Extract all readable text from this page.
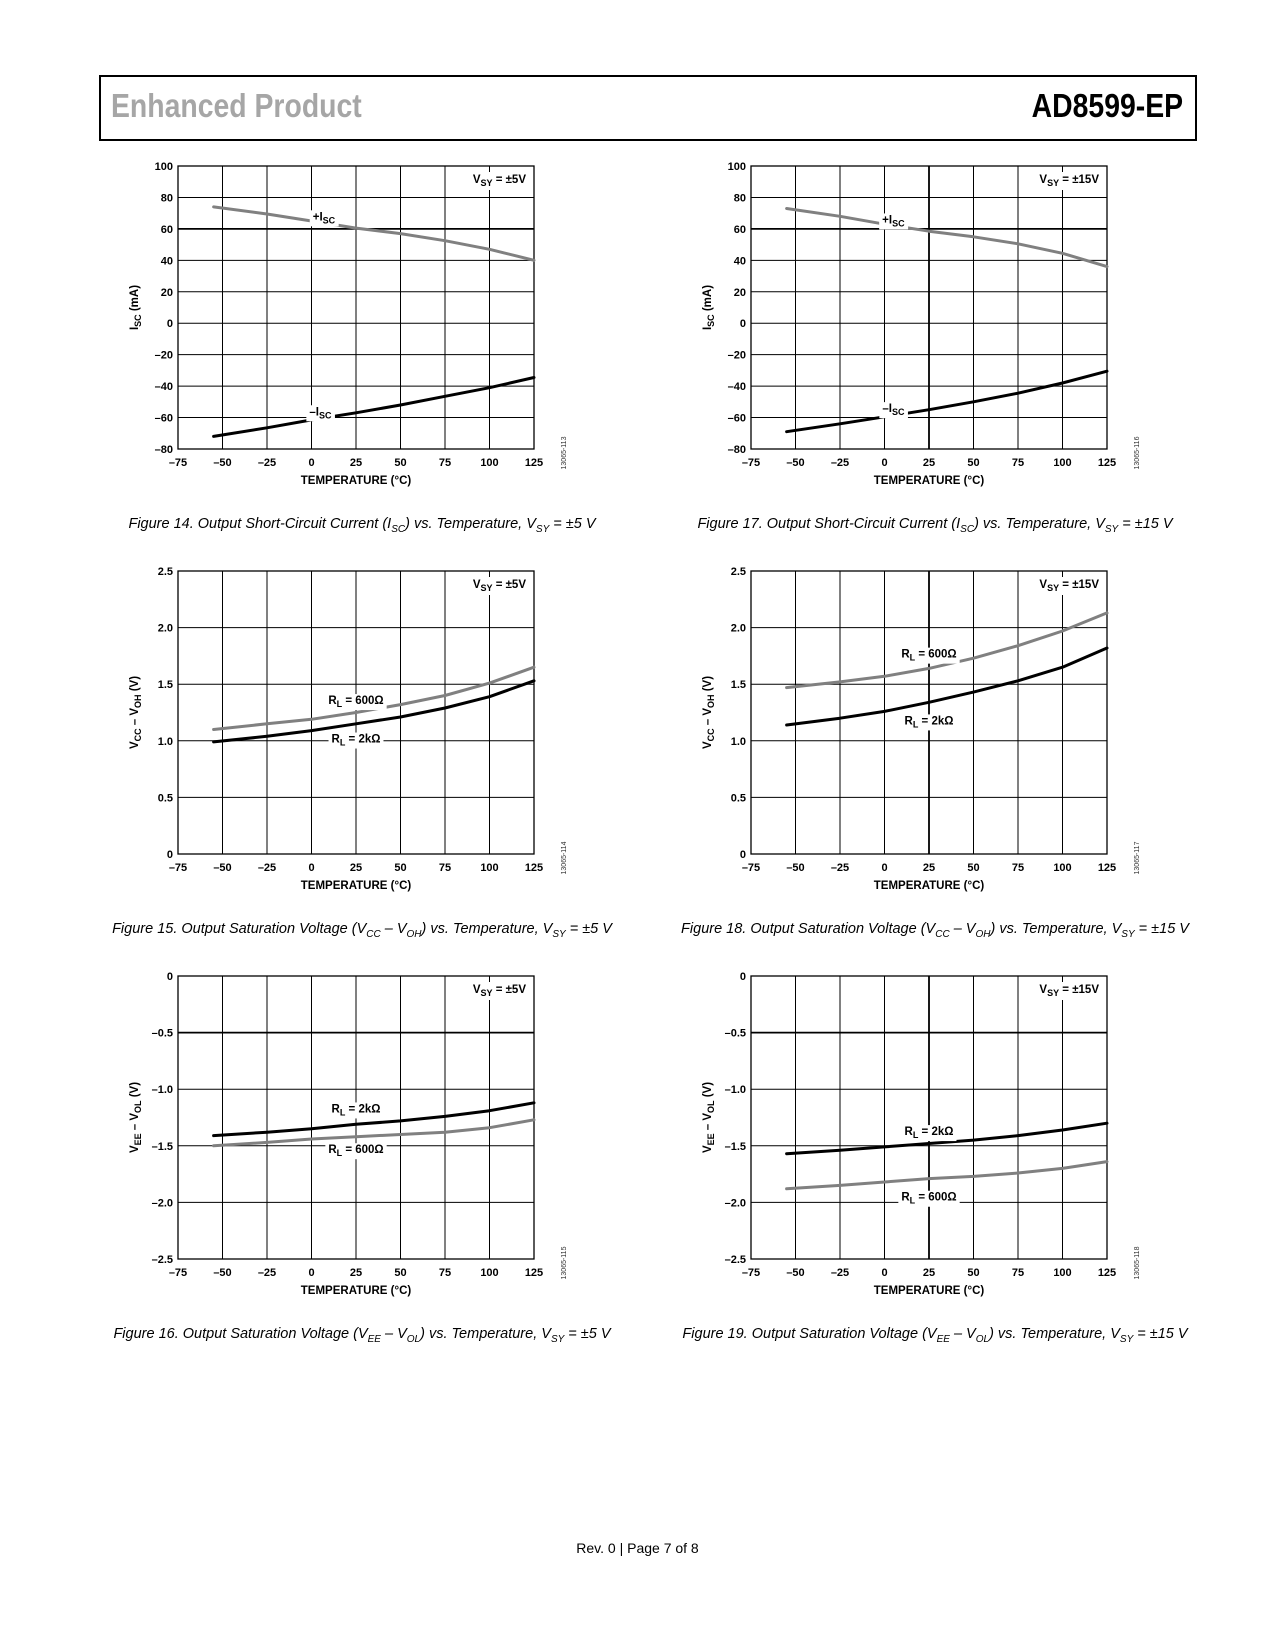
Enhanced Product	AD8599-EP
–75 –50 –25	0	25	50	75	100 125
–80
–60
–40
–20
0
20
40
60
80
100
TEMPERATURE (°C)
$I_{SC}$ (mA)
13065-113
$+I_{SC}$
$-I_{SC}$
$V_{SY} = \pm 5V$
–75 –50 –25	0	25	50	75	100 125
–80
–60
–40
–20
0
20
40
60
80
100
TEMPERATURE (°C)
$I_{SC}$ (mA)
13065-116
$+I_{SC}$
$-I_{SC}$
$V_{SY} = \pm 15V$
–75 –50 –25	0	25	50	75	100 125
0
0.5
1.0
1.5
2.0
2.5
TEMPERATURE (°C)
$V_{CC} - V_{OH}$ (V)
13065-114
$R_L = 600\Omega$
$R_L = 2k\Omega$
$V_{SY} = \pm 5V$
–75 –50 –25	0	25	50	75	100 125
0
0.5
1.0
1.5
2.0
2.5
TEMPERATURE (°C)
$V_{CC} - V_{OH}$ (V)
13065-117
$R_L = 600\Omega$
$R_L = 2k\Omega$
$V_{SY} = \pm 15V$
–75 –50 –25	0	25	50	75	100 125
–2.5
–2.0
–1.5
–1.0
–0.5
0
TEMPERATURE (°C)
$V_{EE} - V_{OL}$ (V)
13065-115
$R_L = 2k\Omega$
$R_L = 600\Omega$
$V_{SY} = \pm 5V$
–75 –50 –25	0	25	50	75	100 125
–2.5
–2.0
–1.5
–1.0
–0.5
0
TEMPERATURE (°C)
$V_{EE} - V_{OL}$ (V)
13065-118
$R_L = 2k\Omega$
$R_L = 600\Omega$
$V_{SY} = \pm 15V$
Figure 14. Output Short-Circuit Current $(I_{SC})$ vs. Temperature, $V_{SY} = \pm 5$ V	Figure 17. Output Short-Circuit Current $(I_{SC})$ vs. Temperature, $V_{SY} = \pm 15$ V
Figure 15. Output Saturation Voltage $(V_{CC} - V_{OH})$ vs. Temperature, $V_{SY} = \pm 5$ V	Figure 18. Output Saturation Voltage $(V_{CC} - V_{OH})$ vs. Temperature, $V_{SY} = \pm 15$ V
Figure 16. Output Saturation Voltage $(V_{EE} - V_{OL})$ vs. Temperature, $V_{SY} = \pm 5$ V	Figure 19. Output Saturation Voltage $(V_{EE} - V_{OL})$ vs. Temperature, $V_{SY} = \pm 15$ V
Rev. 0 | Page 7 of 8
